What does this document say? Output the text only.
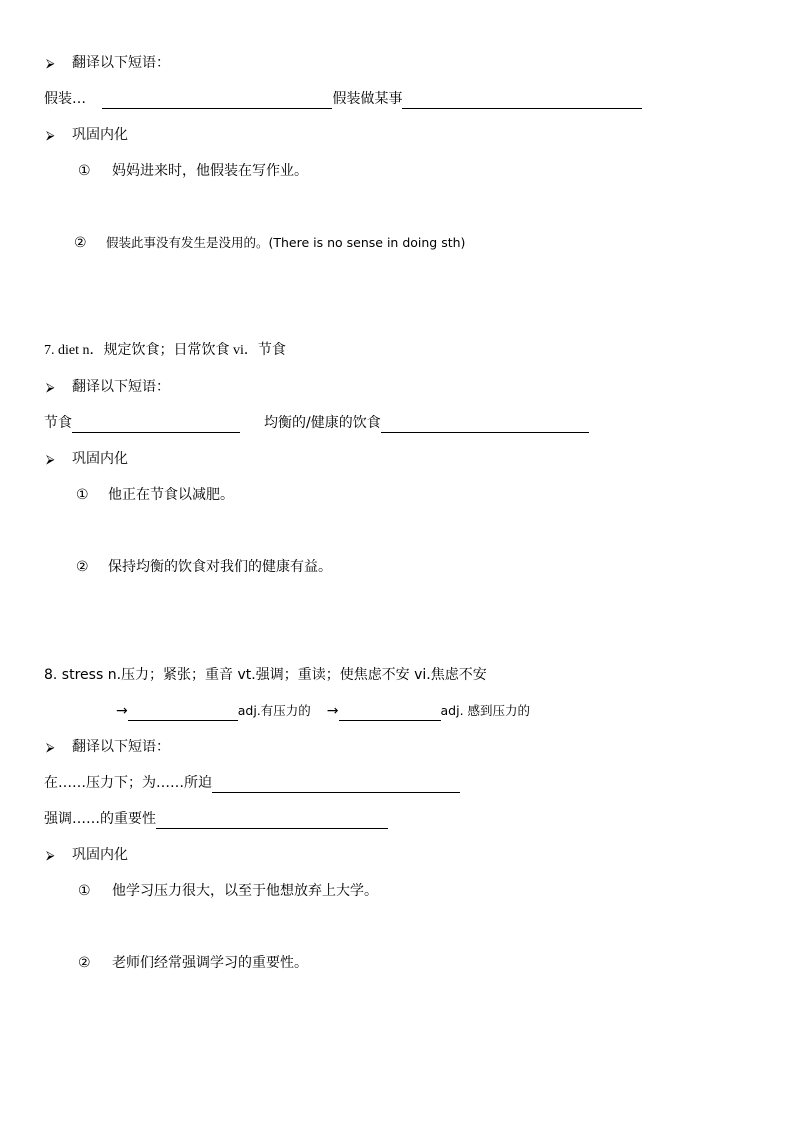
⮚ 翻译以下短语：
假装…	假装做某事
⮚ 巩固内化
① 妈妈进来时，他假装在写作业。
② 假装此事没有发生是没用的。(There is no sense in doing sth)
7. diet n．规定饮食；日常饮食 vi．节食
⮚ 翻译以下短语：
节食	均衡的/健康的饮食
⮚ 巩固内化
① 他正在节食以减肥。
② 保持均衡的饮食对我们的健康有益。
8. stress n.压力；紧张；重音 vt.强调；重读；使焦虑不安 vi.焦虑不安
→	adj.有压力的 →	adj. 感到压力的
⮚ 翻译以下短语：
在……压力下；为……所迫
强调……的重要性
⮚ 巩固内化
① 他学习压力很大，以至于他想放弃上大学。
② 老师们经常强调学习的重要性。
